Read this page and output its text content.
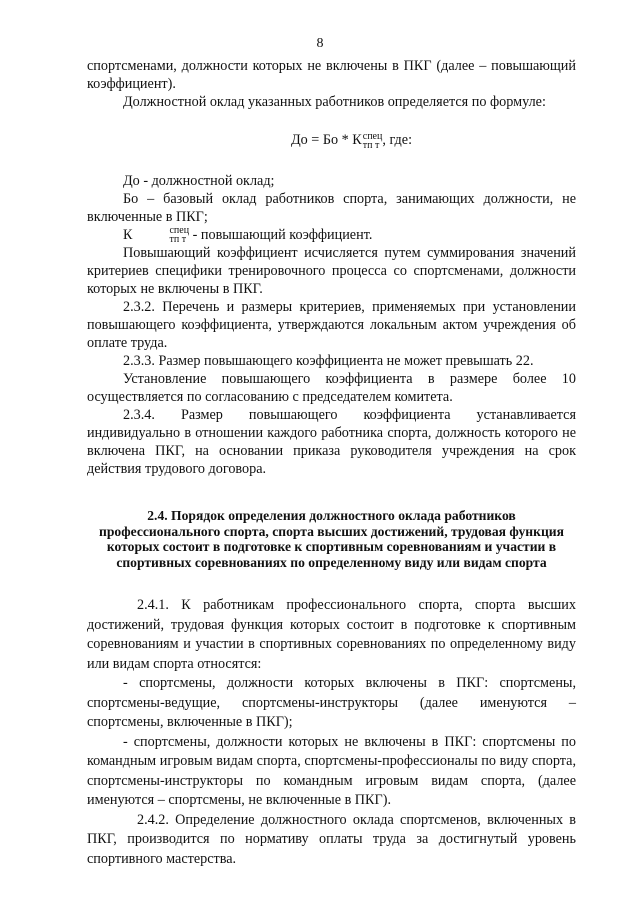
8

спортсменами, должности которых не включены в ПКГ (далее – повышающий коэффициент).

Должностной оклад указанных работников определяется по формуле:

До = Бо * К спец
тп т , где:

До - должностной оклад;

Бо – базовый оклад работников спорта, занимающих должности, не включенные в ПКГ;

К	спец
тп т - повышающий коэффициент.

Повышающий коэффициент исчисляется путем суммирования значений критериев специфики тренировочного процесса со спортсменами, должности которых не включены в ПКГ.

2.3.2. Перечень и размеры критериев, применяемых при установлении повышающего коэффициента, утверждаются локальным актом учреждения об оплате труда.

2.3.3. Размер повышающего коэффициента не может превышать 22.

Установление повышающего коэффициента в размере более 10 осуществляется по согласованию с председателем комитета.

2.3.4. Размер повышающего коэффициента устанавливается индивидуально в отношении каждого работника спорта, должность которого не включена ПКГ, на основании приказа руководителя учреждения на срок действия трудового договора.

2.4. Порядок определения должностного оклада работников профессионального спорта, спорта высших достижений, трудовая функция которых состоит в подготовке к спортивным соревнованиям и участии в спортивных соревнованиях по определенному виду или видам спорта

2.4.1. К работникам профессионального спорта, спорта высших достижений, трудовая функция которых состоит в подготовке к спортивным соревнованиям и участии в спортивных соревнованиях по определенному виду или видам спорта относятся:

- спортсмены, должности которых включены в ПКГ: спортсмены, спортсмены-ведущие, спортсмены-инструкторы (далее именуются – спортсмены, включенные в ПКГ);

- спортсмены, должности которых не включены в ПКГ: спортсмены по командным игровым видам спорта, спортсмены-профессионалы по виду спорта, спортсмены-инструкторы по командным игровым видам спорта, (далее именуются – спортсмены, не включенные в ПКГ).

2.4.2. Определение должностного оклада спортсменов, включенных в ПКГ, производится по нормативу оплаты труда за достигнутый уровень спортивного мастерства.
